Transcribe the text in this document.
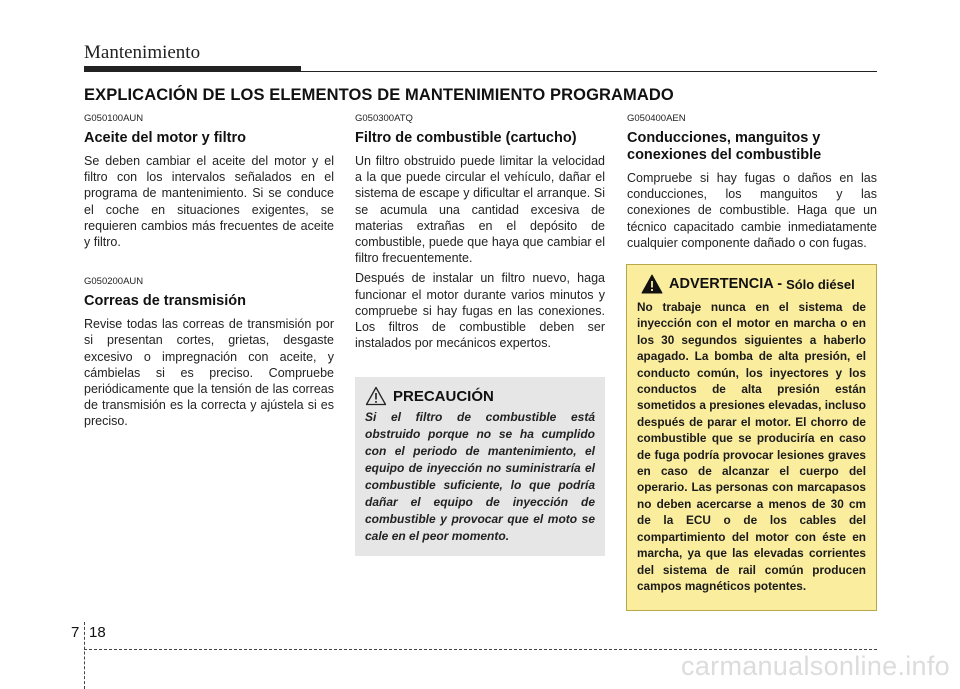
Mantenimiento
EXPLICACIÓN DE LOS ELEMENTOS DE MANTENIMIENTO PROGRAMADO
G050100AUN
Aceite del motor y filtro
Se deben cambiar el aceite del motor y el filtro con los intervalos señalados en el programa de mantenimiento. Si se conduce el coche en situaciones exigentes, se requieren cambios más frecuentes de aceite y filtro.
G050200AUN
Correas de transmisión
Revise todas las correas de transmisión por si presentan cortes, grietas, desgaste excesivo o impregnación con aceite, y cámbielas si es preciso. Compruebe periódicamente que la tensión de las correas de transmisión es la correcta y ajústela si es preciso.
G050300ATQ
Filtro de combustible (cartucho)
Un filtro obstruido puede limitar la velocidad a la que puede circular el vehículo, dañar el sistema de escape y dificultar el arranque. Si se acumula una cantidad excesiva de materias extrañas en el depósito de combustible, puede que haya que cambiar el filtro frecuentemente.
Después de instalar un filtro nuevo, haga funcionar el motor durante varios minutos y compruebe si hay fugas en las conexiones. Los filtros de combustible deben ser instalados por mecánicos expertos.
PRECAUCIÓN
Si el filtro de combustible está obstruido porque no se ha cumplido con el periodo de mantenimiento, el equipo de inyección no suministraría el combustible suficiente, lo que podría dañar el equipo de inyección de combustible y provocar que el moto se cale en el peor momento.
G050400AEN
Conducciones, manguitos y conexiones del combustible
Compruebe si hay fugas o daños en las conducciones, los manguitos y las conexiones de combustible. Haga que un técnico capacitado cambie inmediatamente cualquier componente dañado o con fugas.
ADVERTENCIA - Sólo diésel
No trabaje nunca en el sistema de inyección con el motor en marcha o en los 30 segundos siguientes a haberlo apagado. La bomba de alta presión, el conducto común, los inyectores y los conductos de alta presión están sometidos a presiones elevadas, incluso después de parar el motor. El chorro de combustible que se produciría en caso de fuga podría provocar lesiones graves en caso de alcanzar el cuerpo del operario. Las personas con marcapasos no deben acercarse a menos de 30 cm de la ECU o de los cables del compartimiento del motor con éste en marcha, ya que las elevadas corrientes del sistema de rail común producen campos magnéticos potentes.
7 18
carmanualsonline.info
